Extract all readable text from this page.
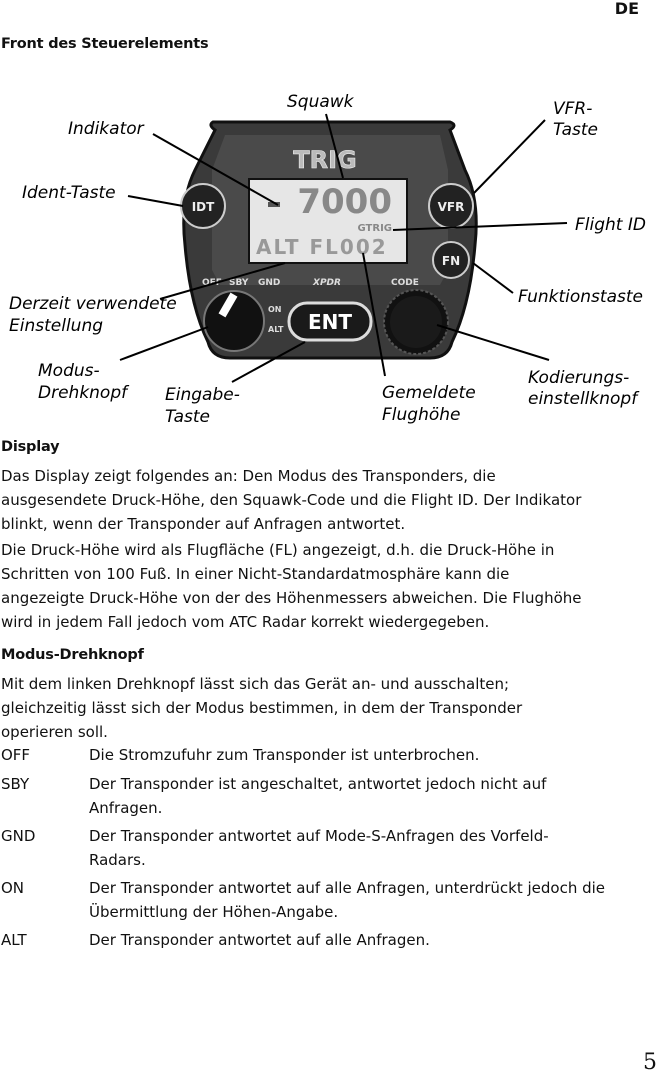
DE
Front des Steuerelements
TRIG
7000
GTRIG
ALT FL002
IDT	VFR
FN
OFF SBY GND	XPDR	CODE
ON
ALT ENT
Squawk
Indikator
VFR-
Taste
Ident-Taste
Flight ID
Funktionstaste
Derzeit verwendete
Einstellung
Modus-
Drehknopf Eingabe-
Taste
Gemeldete
Flughöhe
Kodierungs-
einstellknopf
Display
Das Display zeigt folgendes an: Den Modus des Transponders, die
ausgesendete Druck-Höhe, den Squawk-Code und die Flight ID. Der Indikator
blinkt, wenn der Transponder auf Anfragen antwortet.
Die Druck-Höhe wird als Flugfläche (FL) angezeigt, d.h. die Druck-Höhe in
Schritten von 100 Fuß. In einer Nicht-Standardatmosphäre kann die
angezeigte Druck-Höhe von der des Höhenmessers abweichen. Die Flughöhe
wird in jedem Fall jedoch vom ATC Radar korrekt wiedergegeben.
Modus-Drehknopf
Mit dem linken Drehknopf lässt sich das Gerät an- und ausschalten;
gleichzeitig lässt sich der Modus bestimmen, in dem der Transponder
operieren soll.
OFF	Die Stromzufuhr zum Transponder ist unterbrochen.
SBY	Der Transponder ist angeschaltet, antwortet jedoch nicht auf
Anfragen.
GND	Der Transponder antwortet auf Mode-S-Anfragen des Vorfeld-
Radars.
ON	Der Transponder antwortet auf alle Anfragen, unterdrückt jedoch die
Übermittlung der Höhen-Angabe.
ALT	Der Transponder antwortet auf alle Anfragen.
5
